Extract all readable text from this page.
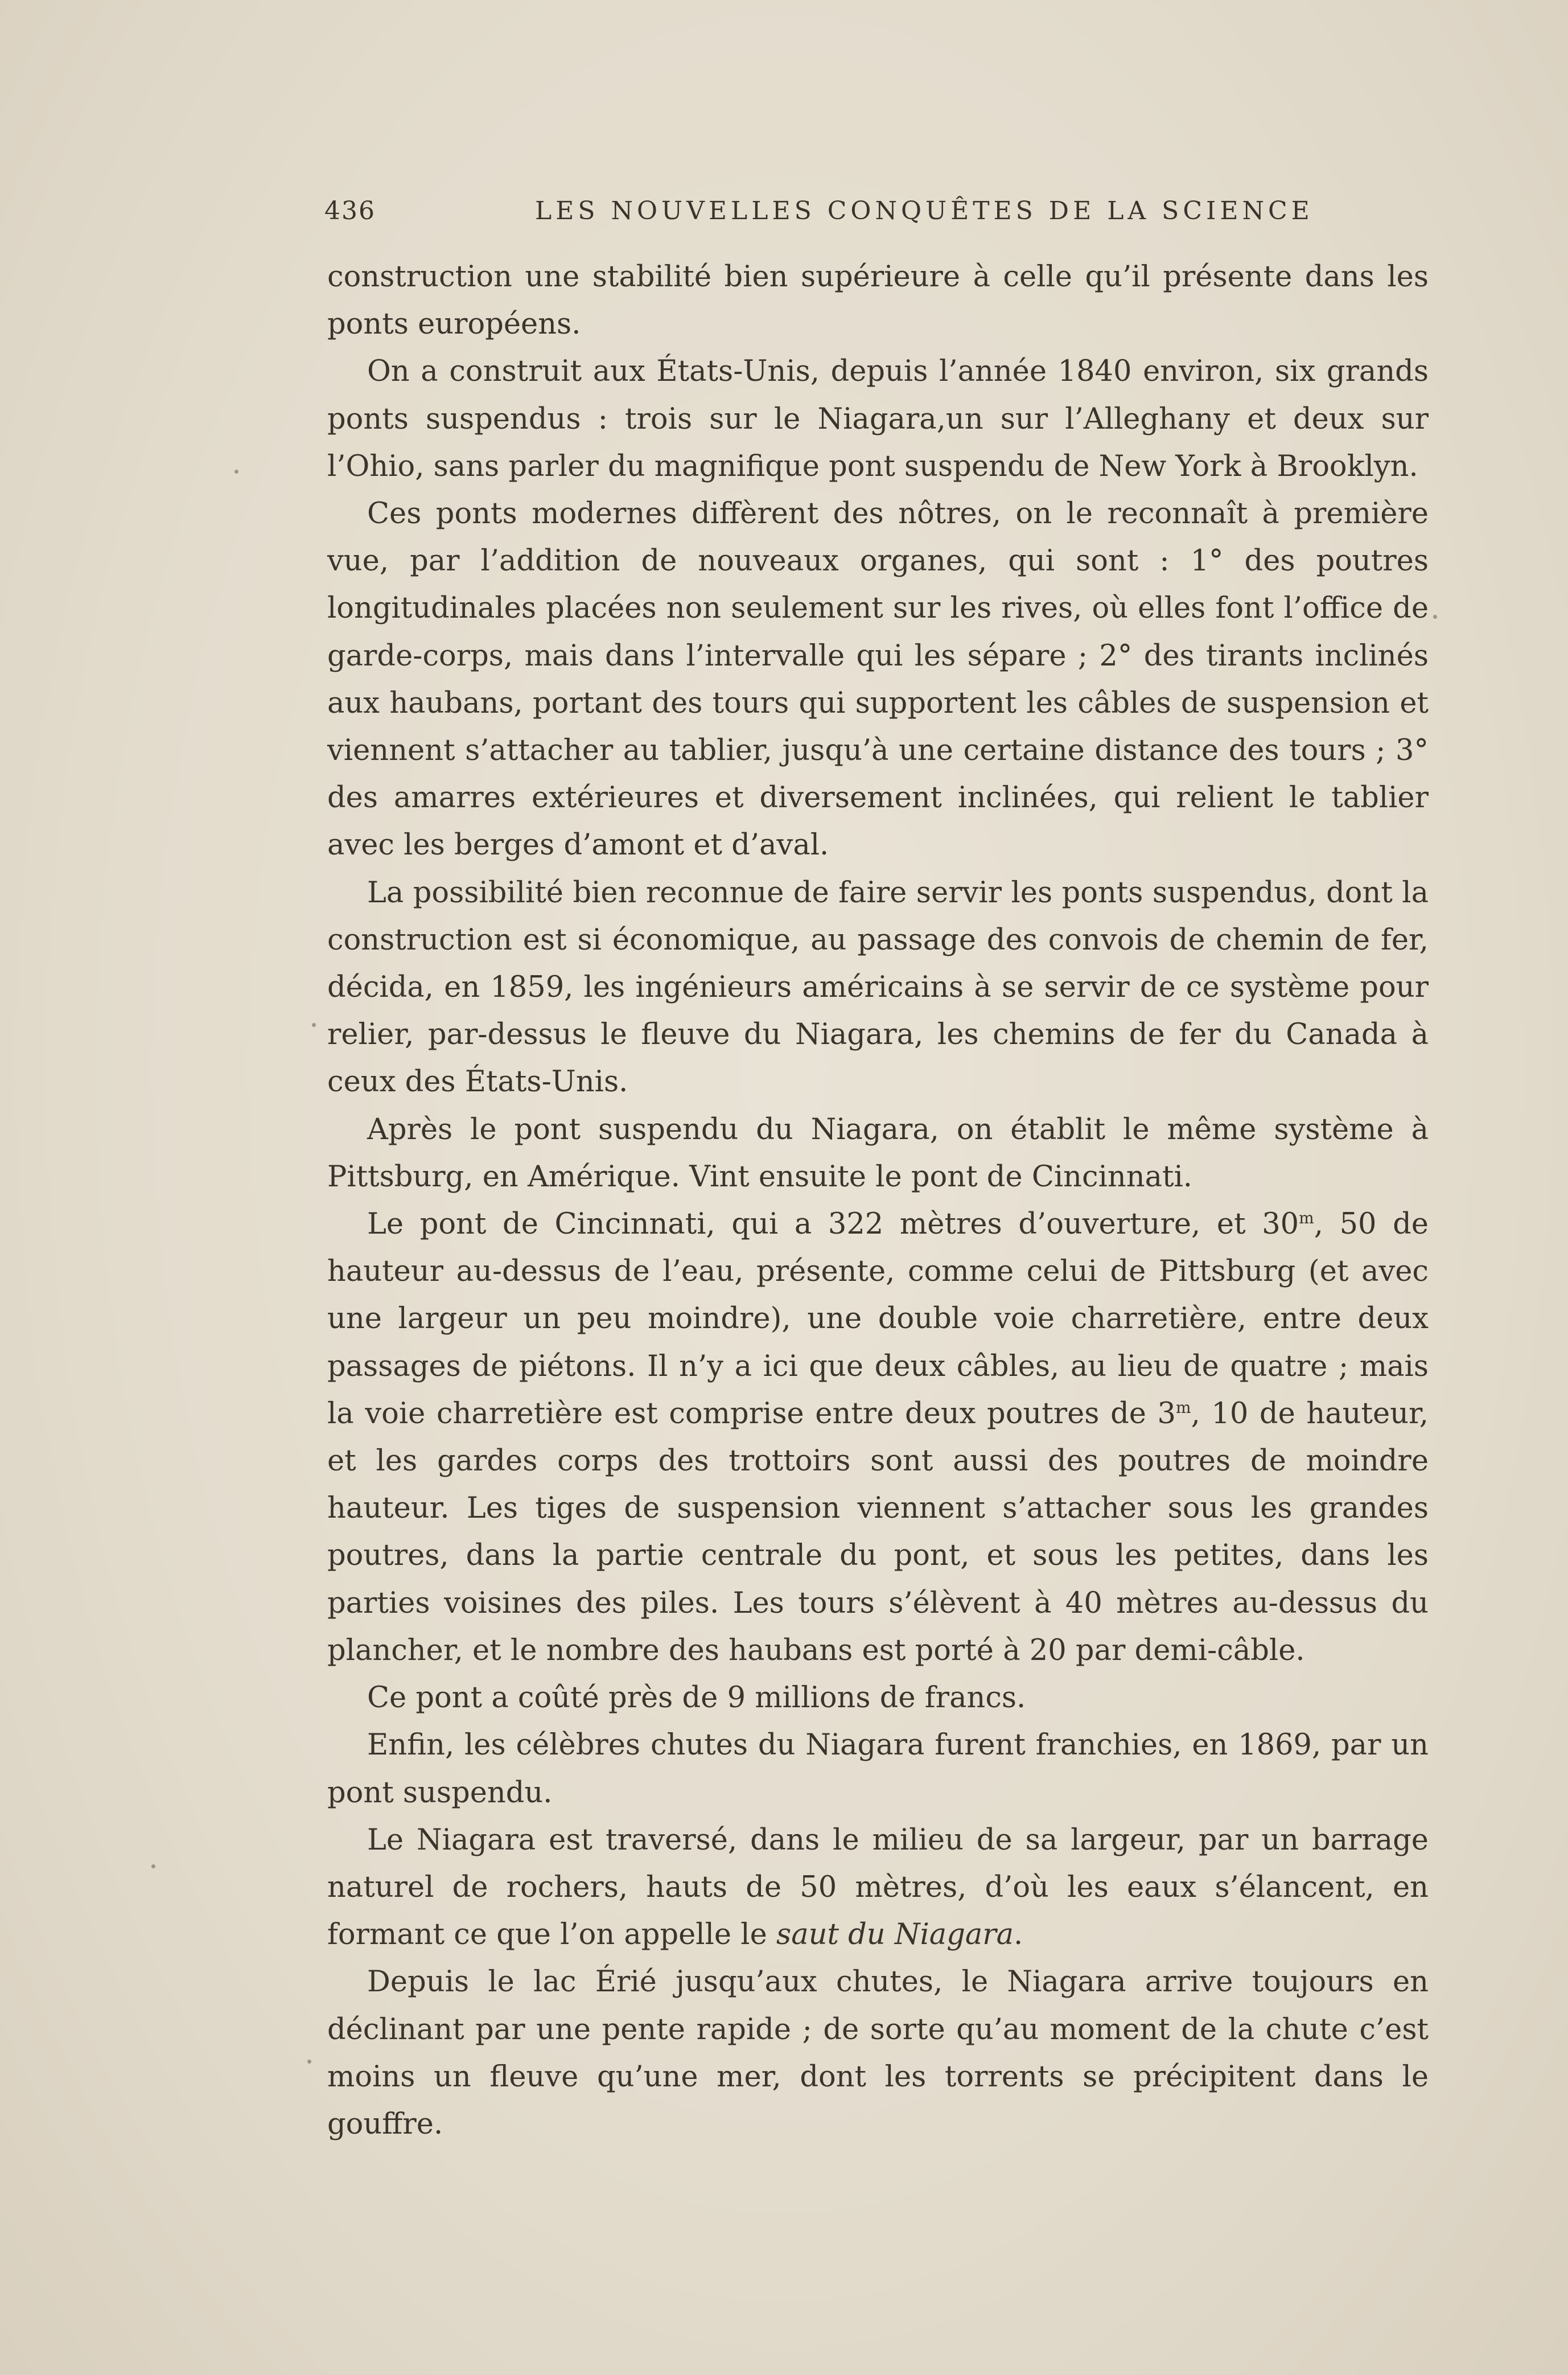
436	LES NOUVELLES CONQUÊTES DE LA SCIENCE

construction une stabilité bien supérieure à celle qu’il présente dans les ponts européens.

On a construit aux États-Unis, depuis l’année 1840 environ, six grands ponts suspendus : trois sur le Niagara,un sur l’Alleghany et deux sur l’Ohio, sans parler du magnifique pont suspendu de New York à Brooklyn.

Ces ponts modernes diffèrent des nôtres, on le reconnaît à première vue, par l’addition de nouveaux organes, qui sont : 1° des poutres longitudinales placées non seulement sur les rives, où elles font l’office de garde-corps, mais dans l’intervalle qui les sépare ; 2° des tirants inclinés aux haubans, portant des tours qui supportent les câbles de suspension et viennent s’attacher au tablier, jusqu’à une certaine distance des tours ; 3° des amarres extérieures et diversement inclinées, qui relient le tablier avec les berges d’amont et d’aval.

La possibilité bien reconnue de faire servir les ponts suspendus, dont la construction est si économique, au passage des convois de chemin de fer, décida, en 1859, les ingénieurs américains à se servir de ce système pour relier, par-dessus le fleuve du Niagara, les chemins de fer du Canada à ceux des États-Unis.

Après le pont suspendu du Niagara, on établit le même système à Pittsburg, en Amérique. Vint ensuite le pont de Cincinnati.

Le pont de Cincinnati, qui a 322 mètres d’ouverture, et 30$^m$, 50 de hauteur au-dessus de l’eau, présente, comme celui de Pittsburg (et avec une largeur un peu moindre), une double voie charretière, entre deux passages de piétons. Il n’y a ici que deux câbles, au lieu de quatre ; mais la voie charretière est comprise entre deux poutres de 3$^m$, 10 de hauteur, et les gardes corps des trottoirs sont aussi des poutres de moindre hauteur. Les tiges de suspension viennent s’attacher sous les grandes poutres, dans la partie centrale du pont, et sous les petites, dans les parties voisines des piles. Les tours s’élèvent à 40 mètres au-dessus du plancher, et le nombre des haubans est porté à 20 par demi-câble.

Ce pont a coûté près de 9 millions de francs.

Enfin, les célèbres chutes du Niagara furent franchies, en 1869, par un pont suspendu.

Le Niagara est traversé, dans le milieu de sa largeur, par un barrage naturel de rochers, hauts de 50 mètres, d’où les eaux s’élancent, en formant ce que l’on appelle le saut du Niagara.

Depuis le lac Érié jusqu’aux chutes, le Niagara arrive toujours en déclinant par une pente rapide ; de sorte qu’au moment de la chute c’est moins un fleuve qu’une mer, dont les torrents se précipitent dans le gouffre.
